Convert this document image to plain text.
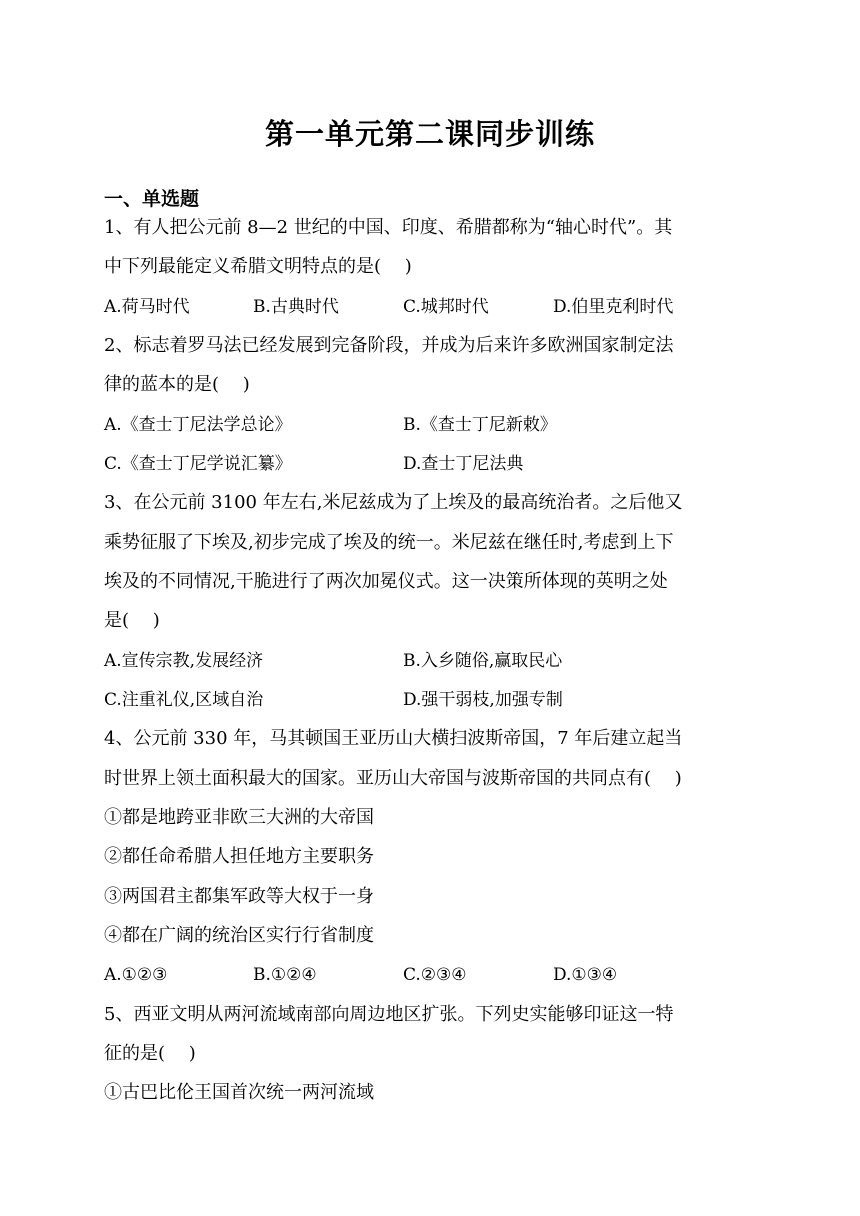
第一单元第二课同步训练
一、单选题
1、有人把公元前 8—2 世纪的中国、印度、希腊都称为“轴心时代”。其
中下列最能定义希腊文明特点的是(　 )
A.荷马时代	B.古典时代	C.城邦时代	D.伯里克利时代
2、标志着罗马法已经发展到完备阶段，并成为后来许多欧洲国家制定法
律的蓝本的是(　 )
A.《查士丁尼法学总论》	B.《查士丁尼新敕》
C.《查士丁尼学说汇纂》	D.查士丁尼法典
3、在公元前 3100 年左右,米尼兹成为了上埃及的最高统治者。之后他又
乘势征服了下埃及,初步完成了埃及的统一。米尼兹在继任时,考虑到上下
埃及的不同情况,干脆进行了两次加冕仪式。这一决策所体现的英明之处
是(　 )
A.宣传宗教,发展经济	B.入乡随俗,赢取民心
C.注重礼仪,区域自治	D.强干弱枝,加强专制
4、公元前 330 年，马其顿国王亚历山大横扫波斯帝国，7 年后建立起当
时世界上领土面积最大的国家。亚历山大帝国与波斯帝国的共同点有(　 )
①都是地跨亚非欧三大洲的大帝国
②都任命希腊人担任地方主要职务
③两国君主都集军政等大权于一身
④都在广阔的统治区实行行省制度
A.①②③	B.①②④	C.②③④	D.①③④
5、西亚文明从两河流域南部向周边地区扩张。下列史实能够印证这一特
征的是(　 )
①古巴比伦王国首次统一两河流域
